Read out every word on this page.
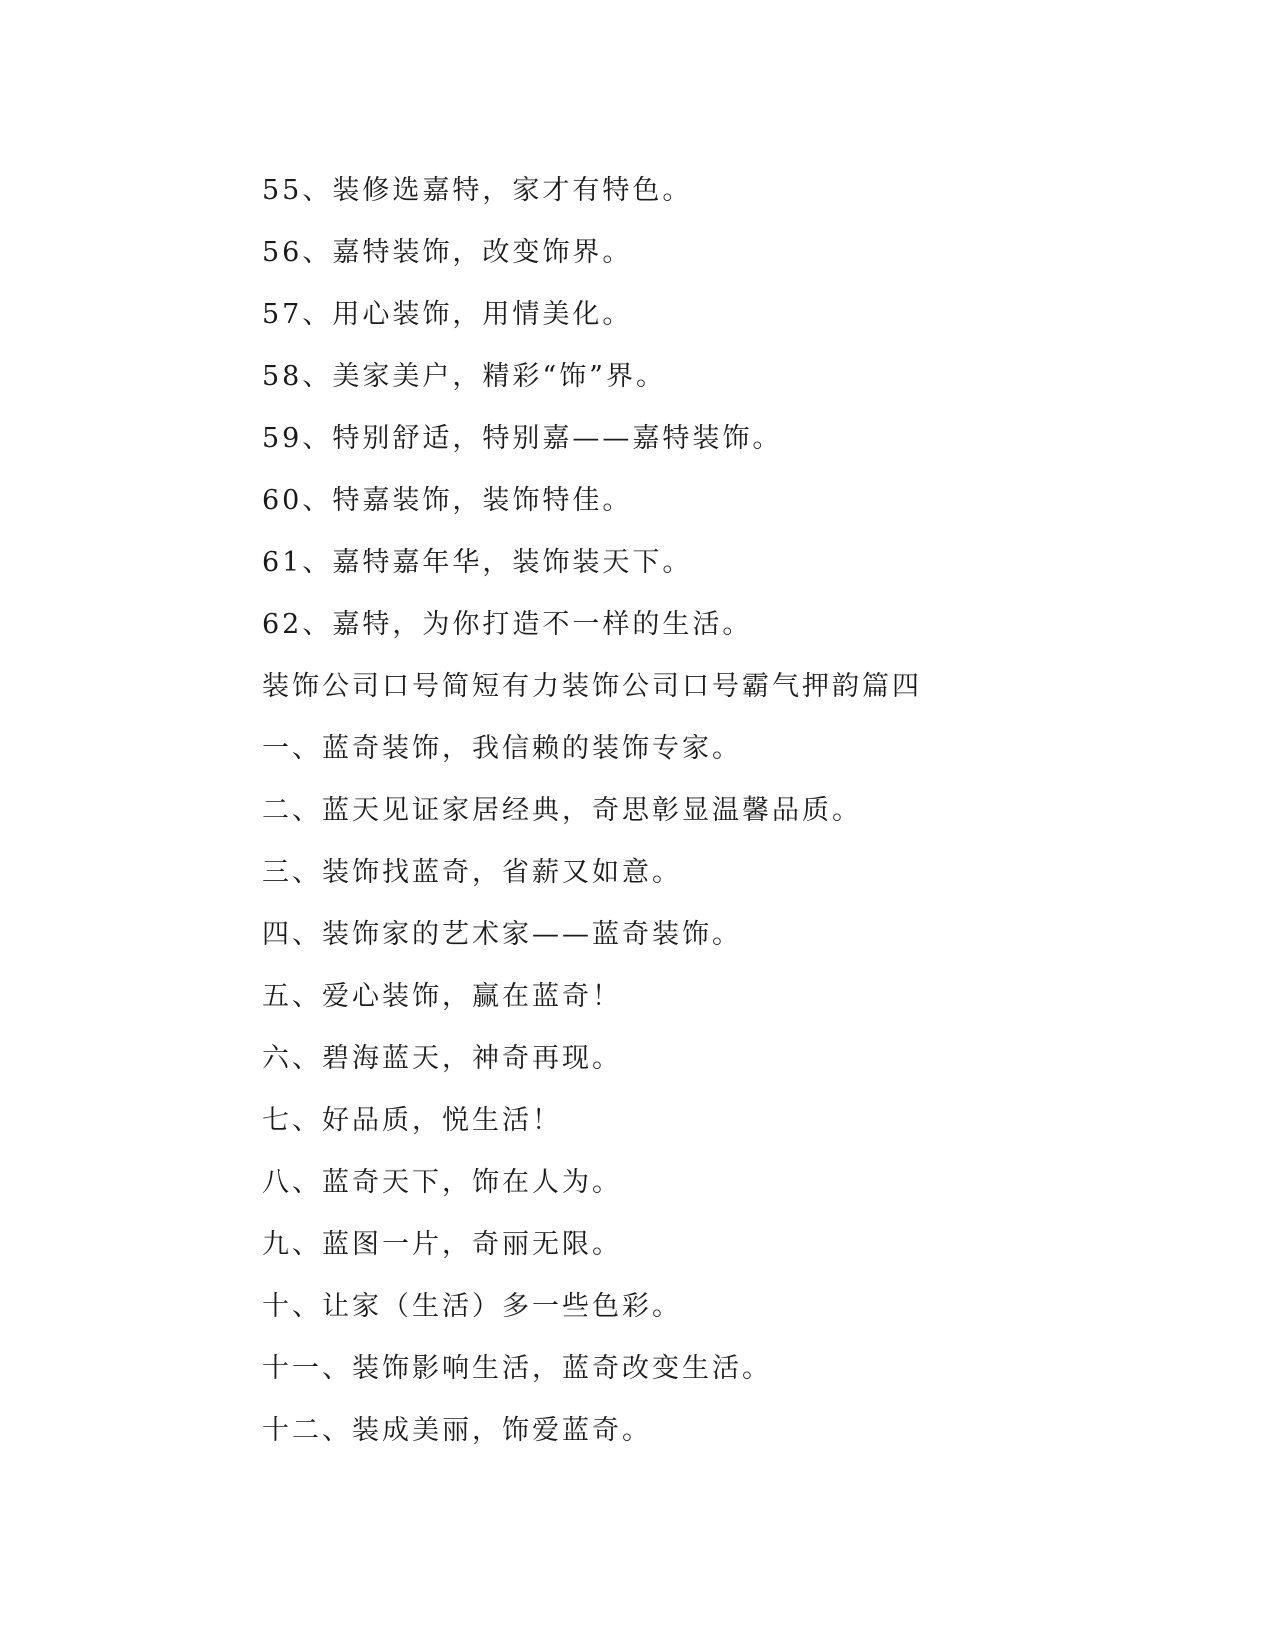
55、装修选嘉特，家才有特色。
56、嘉特装饰，改变饰界。
57、用心装饰，用情美化。
58、美家美户，精彩“饰”界。
59、特别舒适，特别嘉——嘉特装饰。
60、特嘉装饰，装饰特佳。
61、嘉特嘉年华，装饰装天下。
62、嘉特，为你打造不一样的生活。
装饰公司口号简短有力装饰公司口号霸气押韵篇四
一、蓝奇装饰，我信赖的装饰专家。
二、蓝天见证家居经典，奇思彰显温馨品质。
三、装饰找蓝奇，省薪又如意。
四、装饰家的艺术家——蓝奇装饰。
五、爱心装饰，赢在蓝奇！
六、碧海蓝天，神奇再现。
七、好品质，悦生活！
八、蓝奇天下，饰在人为。
九、蓝图一片，奇丽无限。
十、让家（生活）多一些色彩。
十一、装饰影响生活，蓝奇改变生活。
十二、装成美丽，饰爱蓝奇。
